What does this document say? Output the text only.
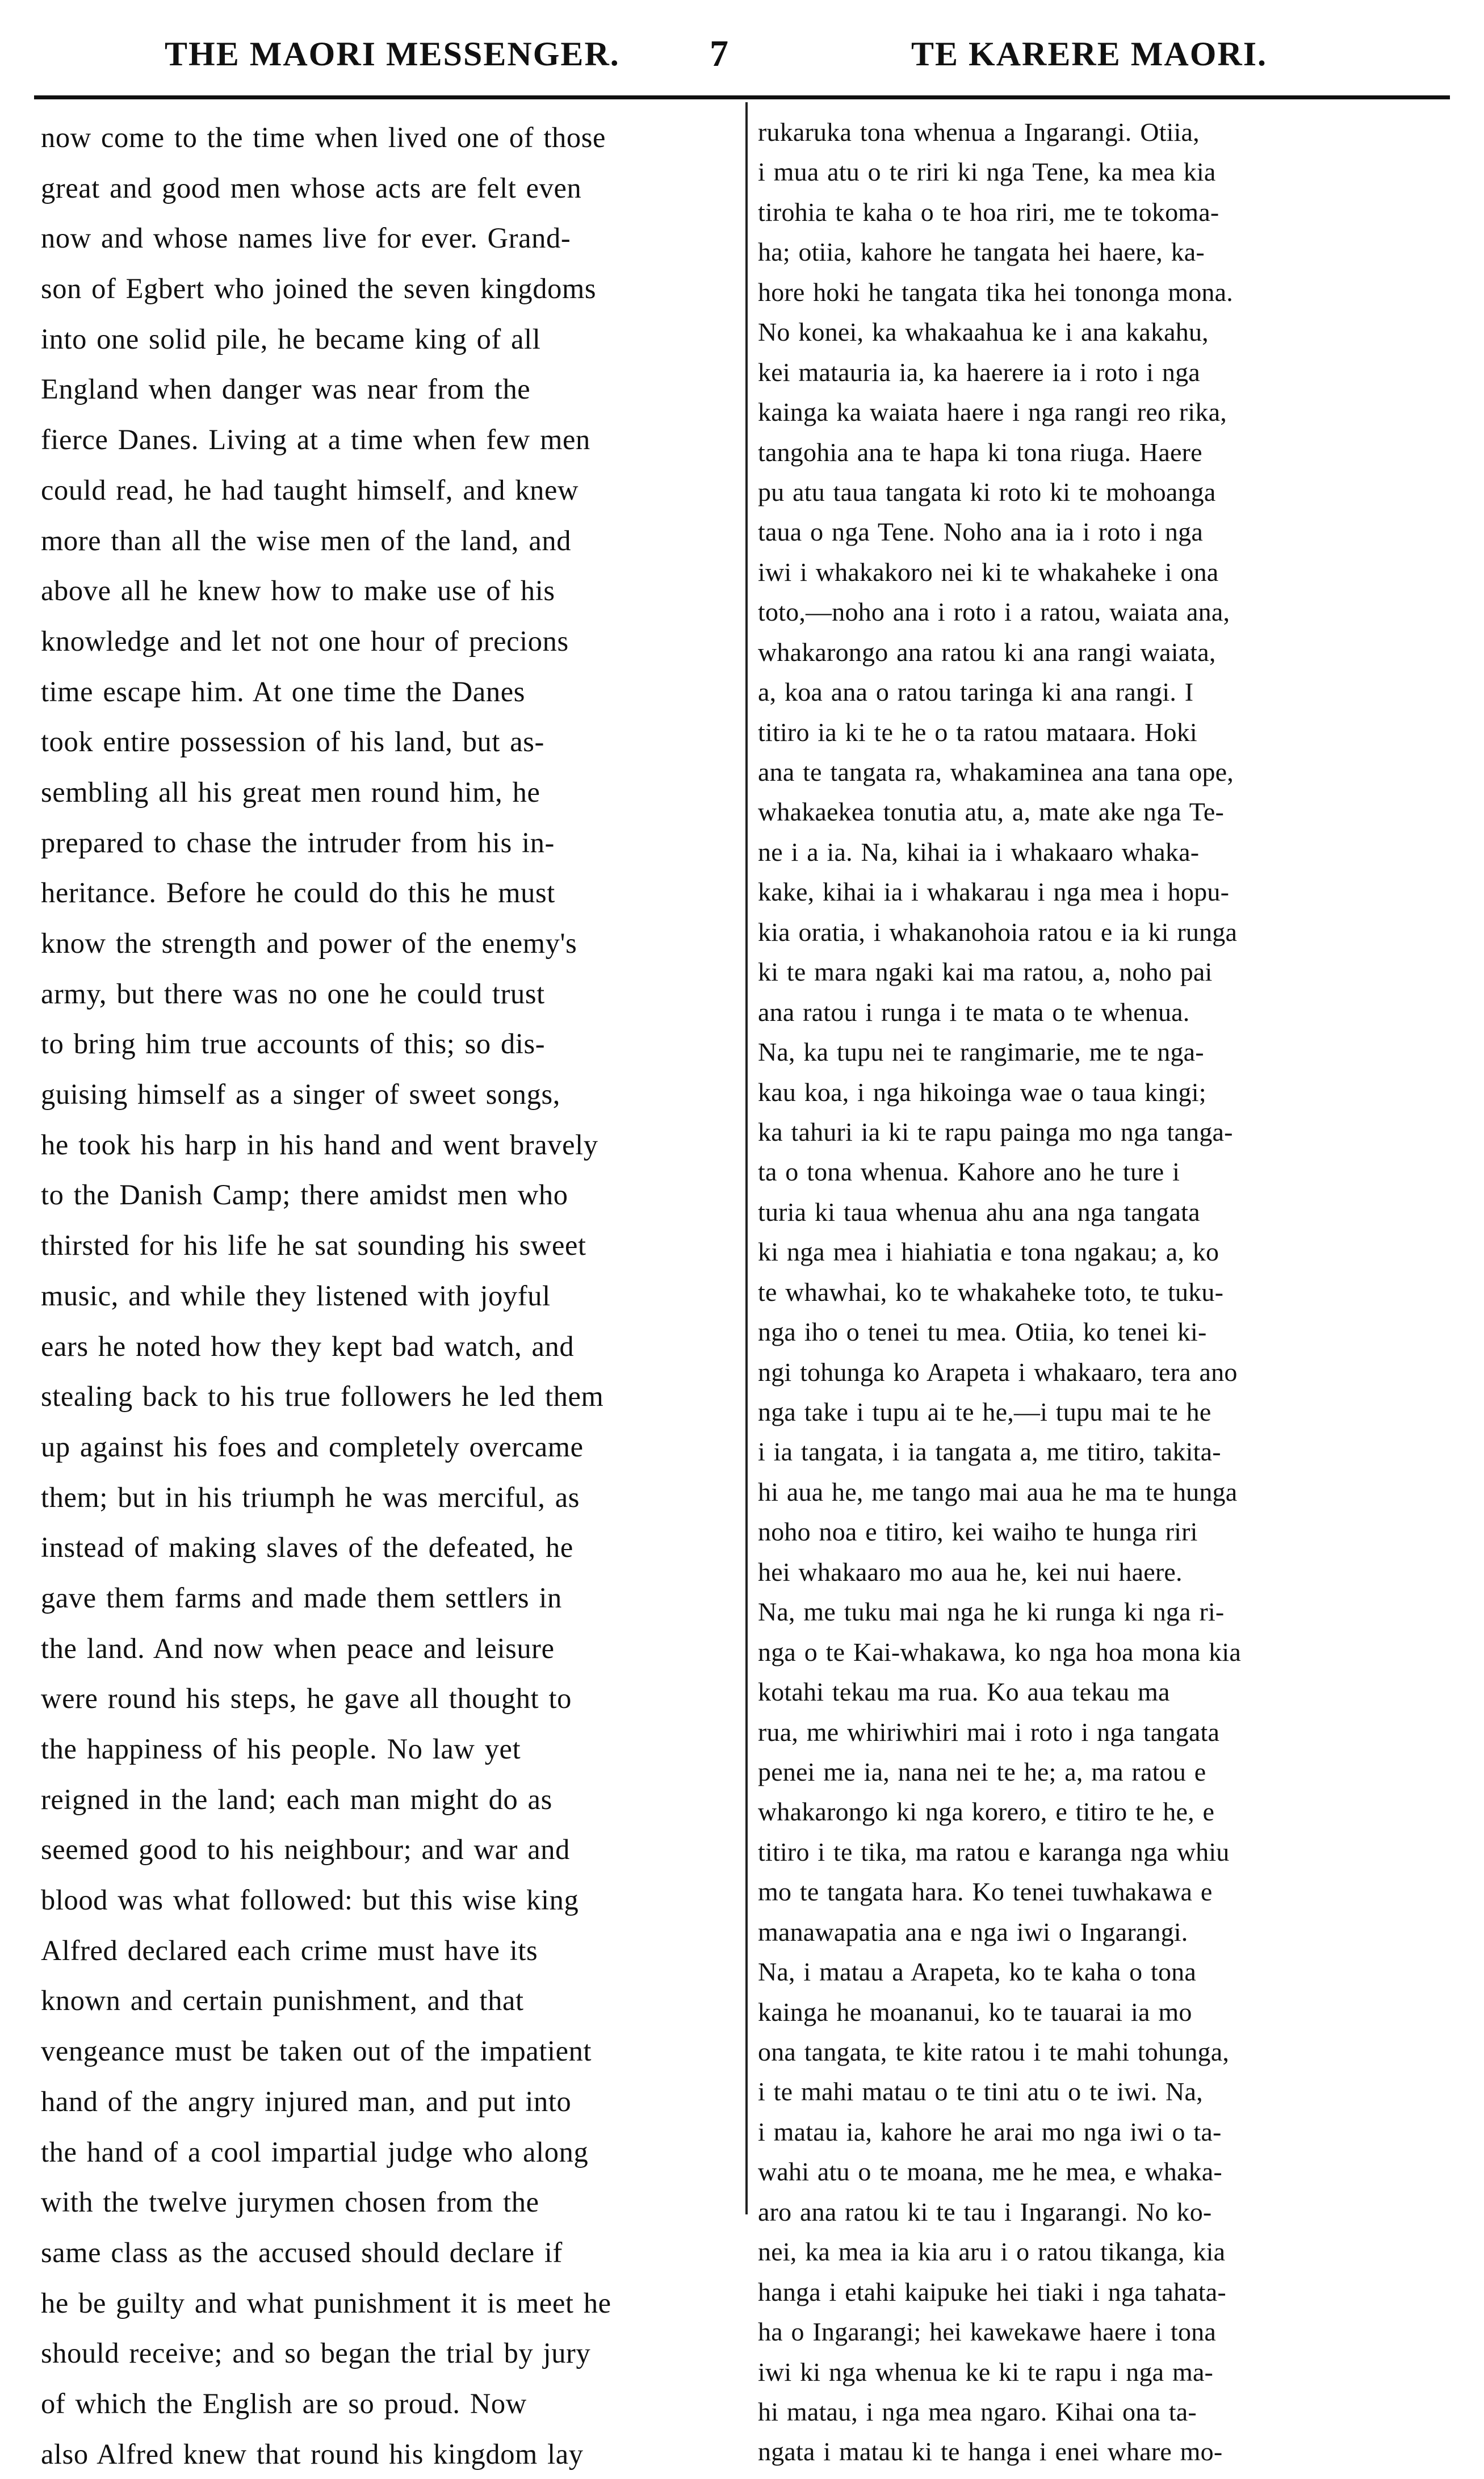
THE MAORI MESSENGER. 7	TE KARERE MAORI.
now come to the time when lived one of those
great and good men whose acts are felt even
now and whose names live for ever. Grand-
son of Egbert who joined the seven kingdoms
into one solid pile, he became king of all
England when danger was near from the
fierce Danes. Living at a time when few men
could read, he had taught himself, and knew
more than all the wise men of the land, and
above all he knew how to make use of his
knowledge and let not one hour of precions
time escape him. At one time the Danes
took entire possession of his land, but as-
sembling all his great men round him, he
prepared to chase the intruder from his in-
heritance. Before he could do this he must
know the strength and power of the enemy's
army, but there was no one he could trust
to bring him true accounts of this; so dis-
guising himself as a singer of sweet songs,
he took his harp in his hand and went bravely
to the Danish Camp; there amidst men who
thirsted for his life he sat sounding his sweet
music, and while they listened with joyful
ears he noted how they kept bad watch, and
stealing back to his true followers he led them
up against his foes and completely overcame
them; but in his triumph he was merciful, as
instead of making slaves of the defeated, he
gave them farms and made them settlers in
the land. And now when peace and leisure
were round his steps, he gave all thought to
the happiness of his people. No law yet
reigned in the land; each man might do as
seemed good to his neighbour; and war and
blood was what followed: but this wise king
Alfred declared each crime must have its
known and certain punishment, and that
vengeance must be taken out of the impatient
hand of the angry injured man, and put into
the hand of a cool impartial judge who along
with the twelve jurymen chosen from the
same class as the accused should declare if
he be guilty and what punishment it is meet he
should receive; and so began the trial by jury
of which the English are so proud. Now
also Alfred knew that round his kingdom lay
rukaruka tona whenua a Ingarangi. Otiia,
i mua atu o te riri ki nga Tene, ka mea kia
tirohia te kaha o te hoa riri, me te tokoma-
ha; otiia, kahore he tangata hei haere, ka-
hore hoki he tangata tika hei tononga mona.
No konei, ka whakaahua ke i ana kakahu,
kei matauria ia, ka haerere ia i roto i nga
kainga ka waiata haere i nga rangi reo rika,
tangohia ana te hapa ki tona riuga. Haere
pu atu taua tangata ki roto ki te mohoanga
taua o nga Tene. Noho ana ia i roto i nga
iwi i whakakoro nei ki te whakaheke i ona
toto,—noho ana i roto i a ratou, waiata ana,
whakarongo ana ratou ki ana rangi waiata,
a, koa ana o ratou taringa ki ana rangi. I
titiro ia ki te he o ta ratou mataara. Hoki
ana te tangata ra, whakaminea ana tana ope,
whakaekea tonutia atu, a, mate ake nga Te-
ne i a ia. Na, kihai ia i whakaaro whaka-
kake, kihai ia i whakarau i nga mea i hopu-
kia oratia, i whakanohoia ratou e ia ki runga
ki te mara ngaki kai ma ratou, a, noho pai
ana ratou i runga i te mata o te whenua.
Na, ka tupu nei te rangimarie, me te nga-
kau koa, i nga hikoinga wae o taua kingi;
ka tahuri ia ki te rapu painga mo nga tanga-
ta o tona whenua. Kahore ano he ture i
turia ki taua whenua ahu ana nga tangata
ki nga mea i hiahiatia e tona ngakau; a, ko
te whawhai, ko te whakaheke toto, te tuku-
nga iho o tenei tu mea. Otiia, ko tenei ki-
ngi tohunga ko Arapeta i whakaaro, tera ano
nga take i tupu ai te he,—i tupu mai te he
i ia tangata, i ia tangata a, me titiro, takita-
hi aua he, me tango mai aua he ma te hunga
noho noa e titiro, kei waiho te hunga riri
hei whakaaro mo aua he, kei nui haere.
Na, me tuku mai nga he ki runga ki nga ri-
nga o te Kai-whakawa, ko nga hoa mona kia
kotahi tekau ma rua. Ko aua tekau ma
rua, me whiriwhiri mai i roto i nga tangata
penei me ia, nana nei te he; a, ma ratou e
whakarongo ki nga korero, e titiro te he, e
titiro i te tika, ma ratou e karanga nga whiu
mo te tangata hara. Ko tenei tuwhakawa e
manawapatia ana e nga iwi o Ingarangi.
Na, i matau a Arapeta, ko te kaha o tona
kainga he moananui, ko te tauarai ia mo
ona tangata, te kite ratou i te mahi tohunga,
i te mahi matau o te tini atu o te iwi. Na,
i matau ia, kahore he arai mo nga iwi o ta-
wahi atu o te moana, me he mea, e whaka-
aro ana ratou ki te tau i Ingarangi. No ko-
nei, ka mea ia kia aru i o ratou tikanga, kia
hanga i etahi kaipuke hei tiaki i nga tahata-
ha o Ingarangi; hei kawekawe haere i tona
iwi ki nga whenua ke ki te rapu i nga ma-
hi matau, i nga mea ngaro. Kihai ona ta-
ngata i matau ki te hanga i enei whare mo-
